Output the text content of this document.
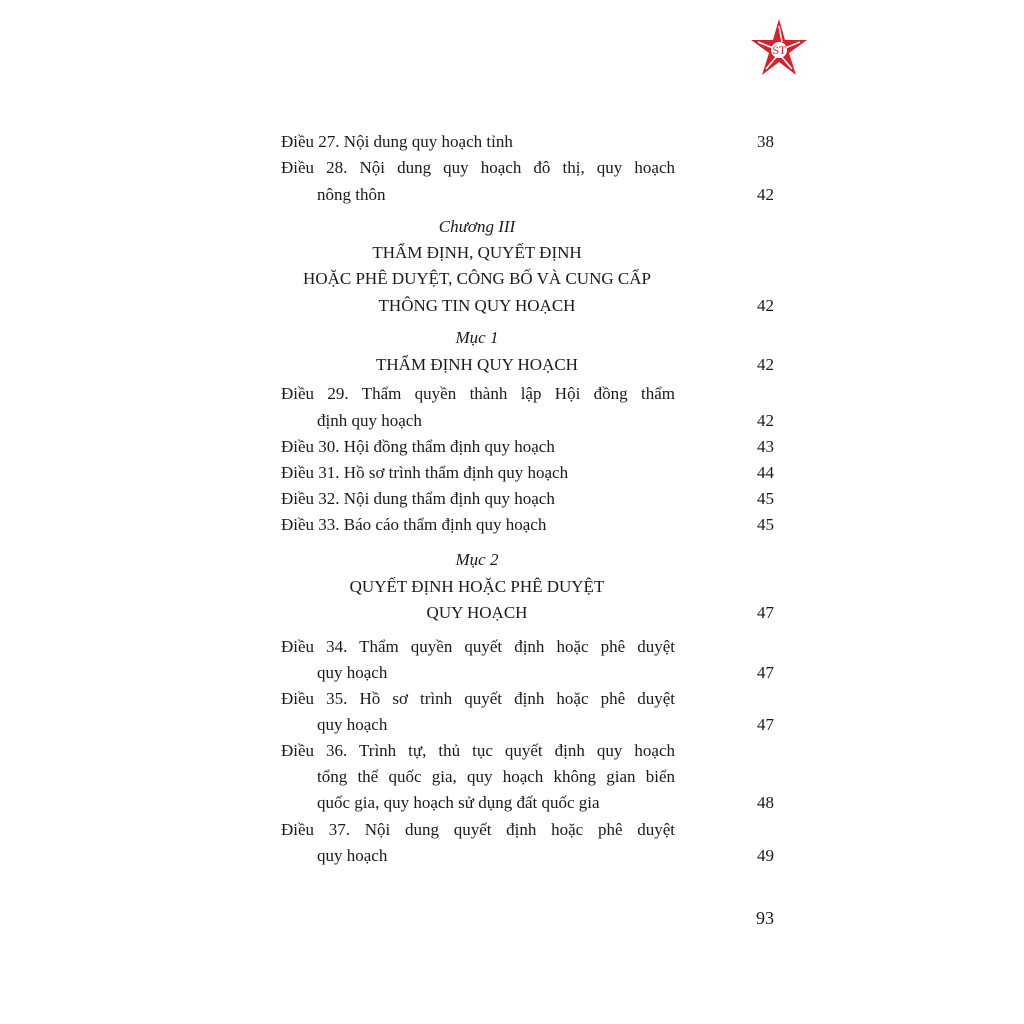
ST
Điều 27. Nội dung quy hoạch tỉnh	38
Điều 28. Nội dung quy hoạch đô thị, quy hoạch
nông thôn	42
Chương III
THẨM ĐỊNH, QUYẾT ĐỊNH
HOẶC PHÊ DUYỆT, CÔNG BỐ VÀ CUNG CẤP
THÔNG TIN QUY HOẠCH	42
Mục 1
THẨM ĐỊNH QUY HOẠCH	42
Điều 29. Thẩm quyền thành lập Hội đồng thẩm
định quy hoạch	42
Điều 30. Hội đồng thẩm định quy hoạch	43
Điều 31. Hồ sơ trình thẩm định quy hoạch	44
Điều 32. Nội dung thẩm định quy hoạch	45
Điều 33. Báo cáo thẩm định quy hoạch	45
Mục 2
QUYẾT ĐỊNH HOẶC PHÊ DUYỆT
QUY HOẠCH	47
Điều 34. Thẩm quyền quyết định hoặc phê duyệt
quy hoạch	47
Điều 35. Hồ sơ trình quyết định hoặc phê duyệt
quy hoạch	47
Điều 36. Trình tự, thủ tục quyết định quy hoạch
tổng thể quốc gia, quy hoạch không gian biển
quốc gia, quy hoạch sử dụng đất quốc gia	48
Điều 37. Nội dung quyết định hoặc phê duyệt
quy hoạch	49
93
